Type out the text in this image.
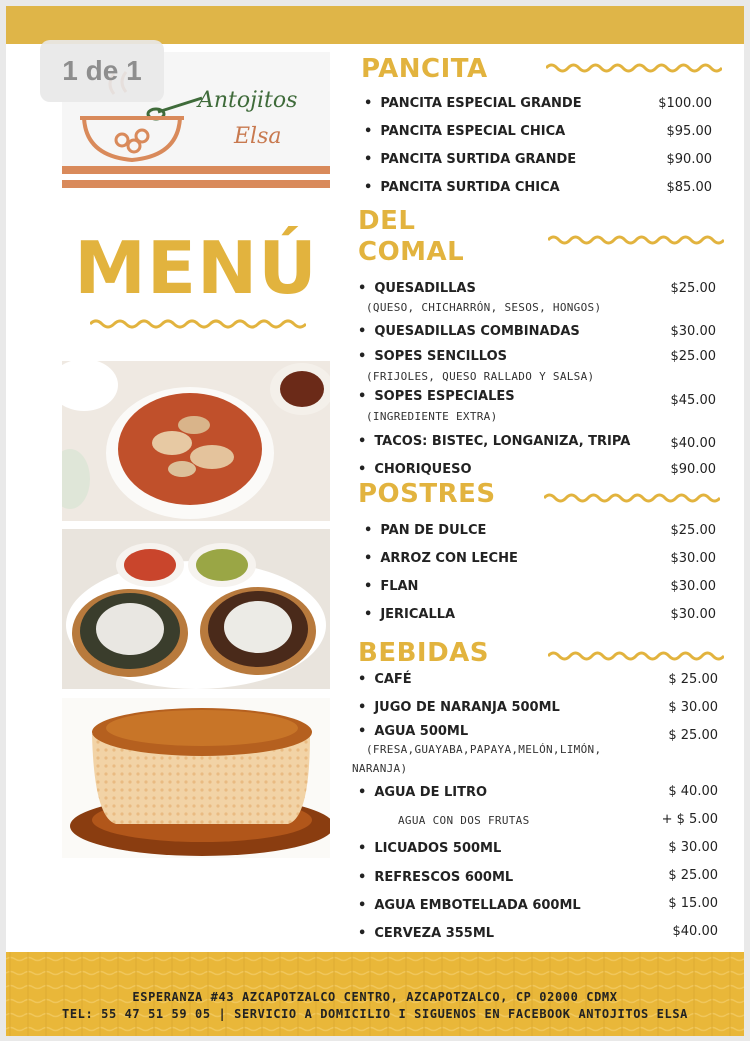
Antojitos
Elsa
MENÚ
PANCITA
• PANCITA ESPECIAL GRANDE	$100.00
• PANCITA ESPECIAL CHICA	$95.00
• PANCITA SURTIDA GRANDE	$90.00
• PANCITA SURTIDA CHICA	$85.00
DEL
COMAL
• QUESADILLAS	$25.00
(QUESO, CHICHARRÓN, SESOS, HONGOS)
• QUESADILLAS COMBINADAS	$30.00
• SOPES SENCILLOS	$25.00
(FRIJOLES, QUESO RALLADO Y SALSA)
• SOPES ESPECIALES	$45.00
(INGREDIENTE EXTRA)
• TACOS: BISTEC, LONGANIZA, TRIPA	$40.00
• CHORIQUESO	$90.00
POSTRES
• PAN DE DULCE	$25.00
• ARROZ CON LECHE	$30.00
• FLAN	$30.00
• JERICALLA	$30.00
BEBIDAS
• CAFÉ	$ 25.00
• JUGO DE NARANJA 500ML	$ 30.00
• AGUA 500ML	$ 25.00
(FRESA,GUAYABA,PAPAYA,MELÓN,LIMÓN,
NARANJA)
• AGUA DE LITRO	$ 40.00
AGUA CON DOS FRUTAS	+ $ 5.00
• LICUADOS 500ML	$ 30.00
• REFRESCOS 600ML	$ 25.00
• AGUA EMBOTELLADA 600ML	$ 15.00
• CERVEZA 355ML	$40.00
ESPERANZA #43 AZCAPOTZALCO CENTRO, AZCAPOTZALCO, CP 02000 CDMX
TEL: 55 47 51 59 05 | SERVICIO A DOMICILIO I SIGUENOS EN FACEBOOK ANTOJITOS ELSA
1 de 1
